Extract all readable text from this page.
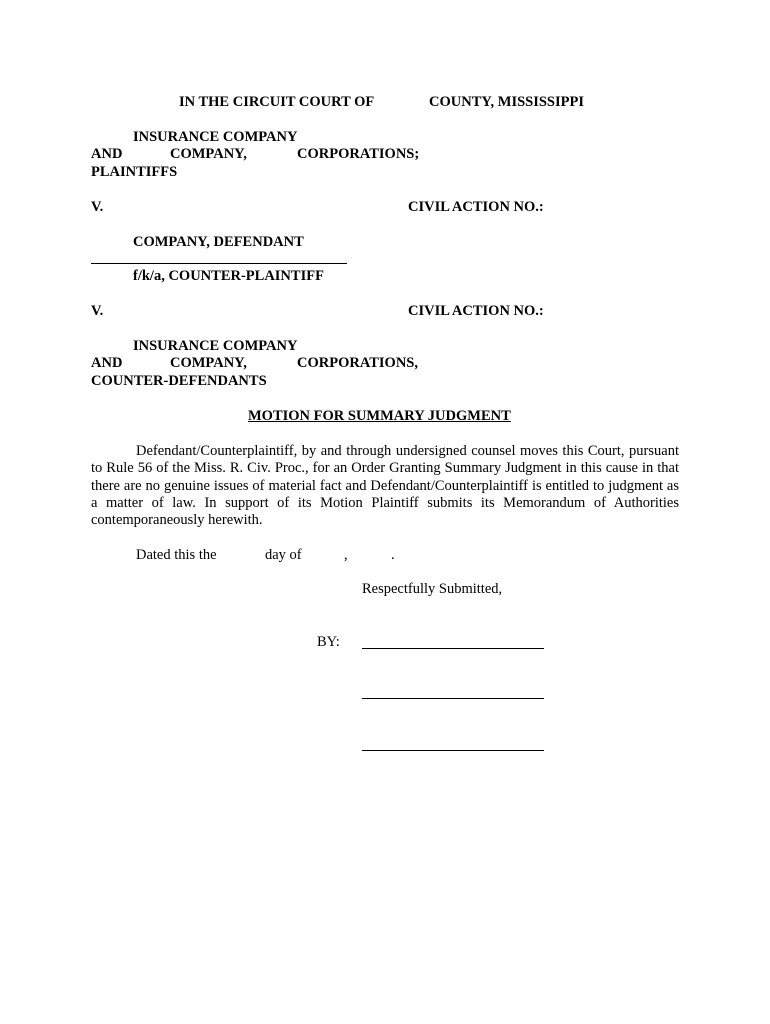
IN THE CIRCUIT COURT OF	COUNTY, MISSISSIPPI
INSURANCE COMPANY
AND	COMPANY,	CORPORATIONS;
PLAINTIFFS
V.	CIVIL ACTION NO.:
COMPANY, DEFENDANT
f/k/a, COUNTER-PLAINTIFF
V.	CIVIL ACTION NO.:
INSURANCE COMPANY
AND	COMPANY,	CORPORATIONS,
COUNTER-DEFENDANTS
MOTION FOR SUMMARY JUDGMENT
Defendant/Counterplaintiff, by and through undersigned counsel moves this Court, pursuant to Rule 56 of the Miss. R. Civ. Proc., for an Order Granting Summary Judgment in this cause in that there are no genuine issues of material fact and Defendant/Counterplaintiff is entitled to judgment as a matter of law. In support of its Motion Plaintiff submits its Memorandum of Authorities contemporaneously herewith.
Dated this the	day of	,	.
Respectfully Submitted,
BY:
